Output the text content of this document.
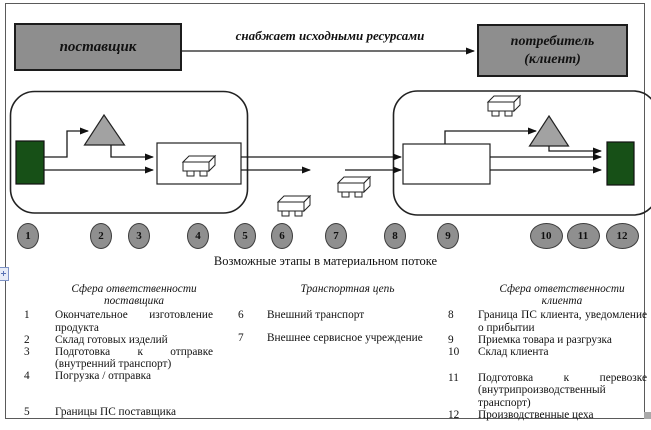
поставщик	потребитель
(клиент)
снабжает исходными ресурсами
1	2	3	4	5	6	7	8	9	10	11	12
Возможные этапы в материальном потоке
Сфера ответственности поставщика
1	Окончательное изготовление продукта
2	Склад готовых изделий
3	Подготовка к отправке (внутренний транспорт)
4	Погрузка / отправка
5	Границы ПС поставщика
Транспортная цепь
6	Внешний транспорт
7	Внешнее сервисное учреждение
Сфера ответственности клиента
8	Граница ПС клиента, уведомление о прибытии
9	Приемка товара и разгрузка
10	Склад клиента
11	Подготовка к перевозке (внутрипроизводственный транспорт)
12	Производственные цеха
